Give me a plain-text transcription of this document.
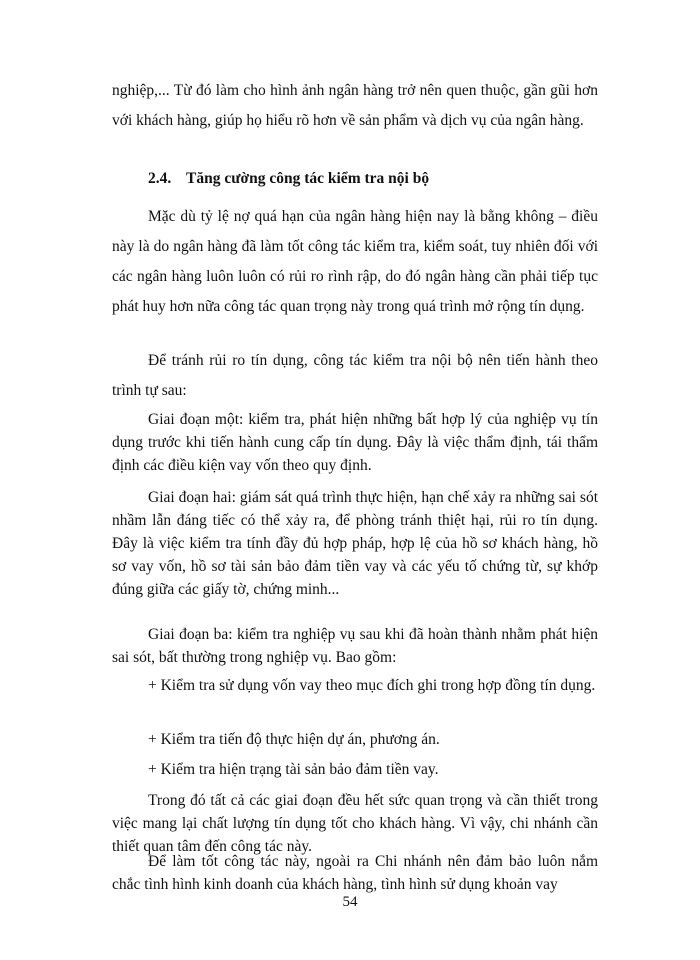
nghiệp,... Từ đó làm cho hình ảnh ngân hàng trở nên quen thuộc, gần gũi hơn với khách hàng, giúp họ hiểu rõ hơn về sản phẩm và dịch vụ của ngân hàng.

2.4. Tăng cường công tác kiểm tra nội bộ

Mặc dù tỷ lệ nợ quá hạn của ngân hàng hiện nay là bằng không – điều này là do ngân hàng đã làm tốt công tác kiểm tra, kiểm soát, tuy nhiên đối với các ngân hàng luôn luôn có rủi ro rình rập, do đó ngân hàng cần phải tiếp tục phát huy hơn nữa công tác quan trọng này trong quá trình mở rộng tín dụng.

Để tránh rủi ro tín dụng, công tác kiểm tra nội bộ nên tiến hành theo trình tự sau:

Giai đoạn một: kiểm tra, phát hiện những bất hợp lý của nghiệp vụ tín dụng trước khi tiến hành cung cấp tín dụng. Đây là việc thẩm định, tái thẩm định các điều kiện vay vốn theo quy định.

Giai đoạn hai: giám sát quá trình thực hiện, hạn chế xảy ra những sai sót nhầm lẫn đáng tiếc có thể xảy ra, để phòng tránh thiệt hại, rủi ro tín dụng. Đây là việc kiểm tra tính đầy đủ hợp pháp, hợp lệ của hồ sơ khách hàng, hồ sơ vay vốn, hồ sơ tài sản bảo đảm tiền vay và các yếu tố chứng từ, sự khớp đúng giữa các giấy tờ, chứng minh...

Giai đoạn ba: kiểm tra nghiệp vụ sau khi đã hoàn thành nhằm phát hiện sai sót, bất thường trong nghiệp vụ. Bao gồm:

+ Kiểm tra sử dụng vốn vay theo mục đích ghi trong hợp đồng tín dụng.

+ Kiểm tra tiến độ thực hiện dự án, phương án.

+ Kiểm tra hiện trạng tài sản bảo đảm tiền vay.

Trong đó tất cả các giai đoạn đều hết sức quan trọng và cần thiết trong việc mang lại chất lượng tín dụng tốt cho khách hàng. Vì vậy, chi nhánh cần thiết quan tâm đến công tác này.

Để làm tốt công tác này, ngoài ra Chi nhánh nên đảm bảo luôn nắm chắc tình hình kinh doanh của khách hàng, tình hình sử dụng khoản vay

54
